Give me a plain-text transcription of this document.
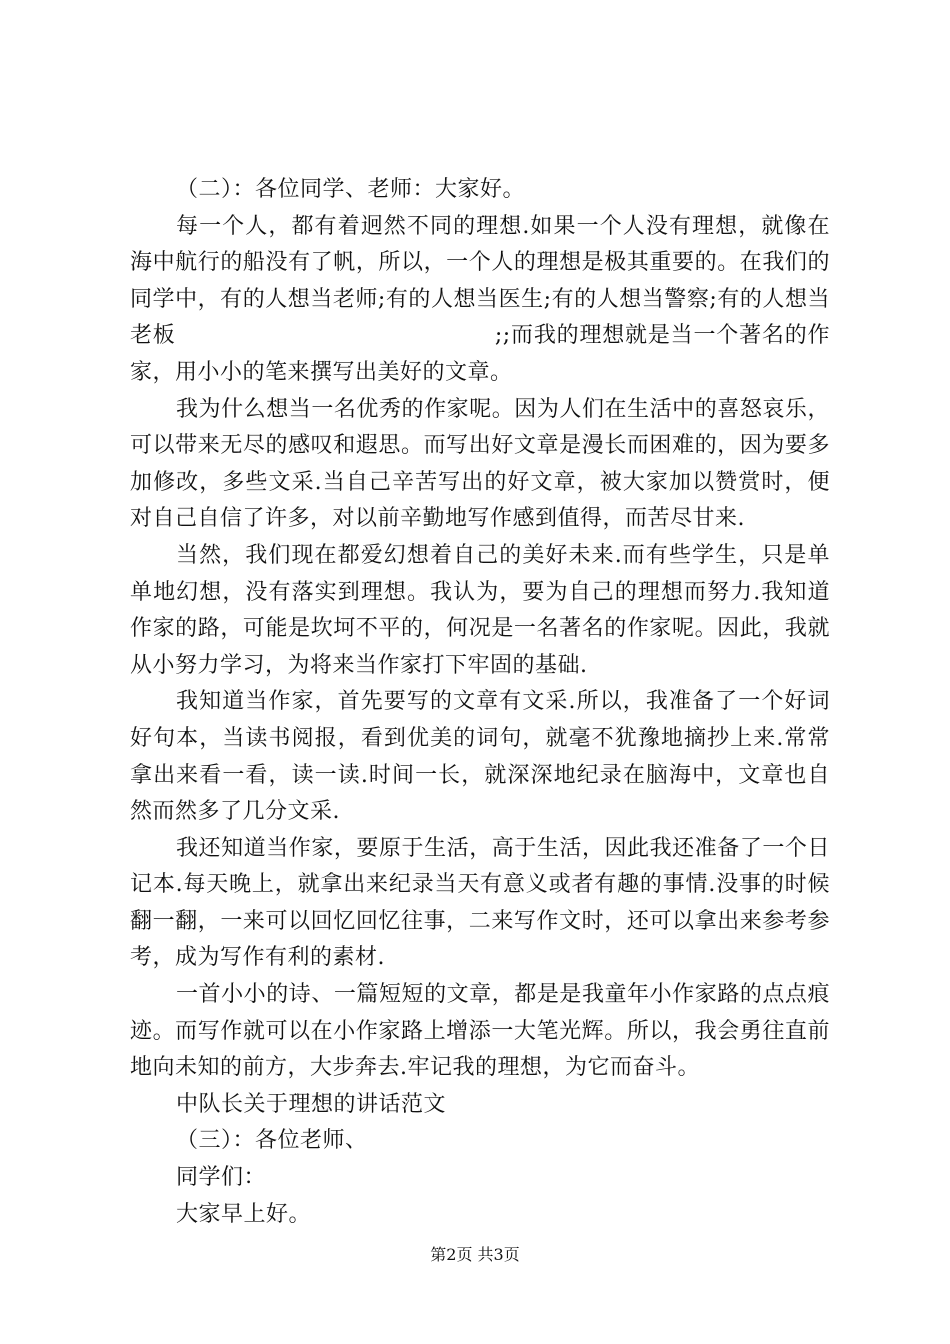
（二）：各位同学、老师：大家好。

每一个人，都有着迥然不同的理想.如果一个人没有理想，就像在海中航行的船没有了帆，所以，一个人的理想是极其重要的。在我们的同学中，有的人想当老师;有的人想当医生;有的人想当警察;有的人想当老板　　　　　　　　　　　　　　;;而我的理想就是当一个著名的作家，用小小的笔来撰写出美好的文章。

我为什么想当一名优秀的作家呢。因为人们在生活中的喜怒哀乐，可以带来无尽的感叹和遐思。而写出好文章是漫长而困难的，因为要多加修改，多些文采.当自己辛苦写出的好文章，被大家加以赞赏时，便对自己自信了许多，对以前辛勤地写作感到值得，而苦尽甘来.

当然，我们现在都爱幻想着自己的美好未来.而有些学生，只是单单地幻想，没有落实到理想。我认为，要为自己的理想而努力.我知道作家的路，可能是坎坷不平的，何况是一名著名的作家呢。因此，我就从小努力学习，为将来当作家打下牢固的基础.

我知道当作家，首先要写的文章有文采.所以，我准备了一个好词好句本，当读书阅报，看到优美的词句，就毫不犹豫地摘抄上来.常常拿出来看一看，读一读.时间一长，就深深地纪录在脑海中，文章也自然而然多了几分文采.

我还知道当作家，要原于生活，高于生活，因此我还准备了一个日记本.每天晚上，就拿出来纪录当天有意义或者有趣的事情.没事的时候翻一翻，一来可以回忆回忆往事，二来写作文时，还可以拿出来参考参考，成为写作有利的素材.

一首小小的诗、一篇短短的文章，都是是我童年小作家路的点点痕迹。而写作就可以在小作家路上增添一大笔光辉。所以，我会勇往直前地向未知的前方，大步奔去.牢记我的理想，为它而奋斗。

中队长关于理想的讲话范文

（三）：各位老师、

同学们：

大家早上好。

第2页 共3页
